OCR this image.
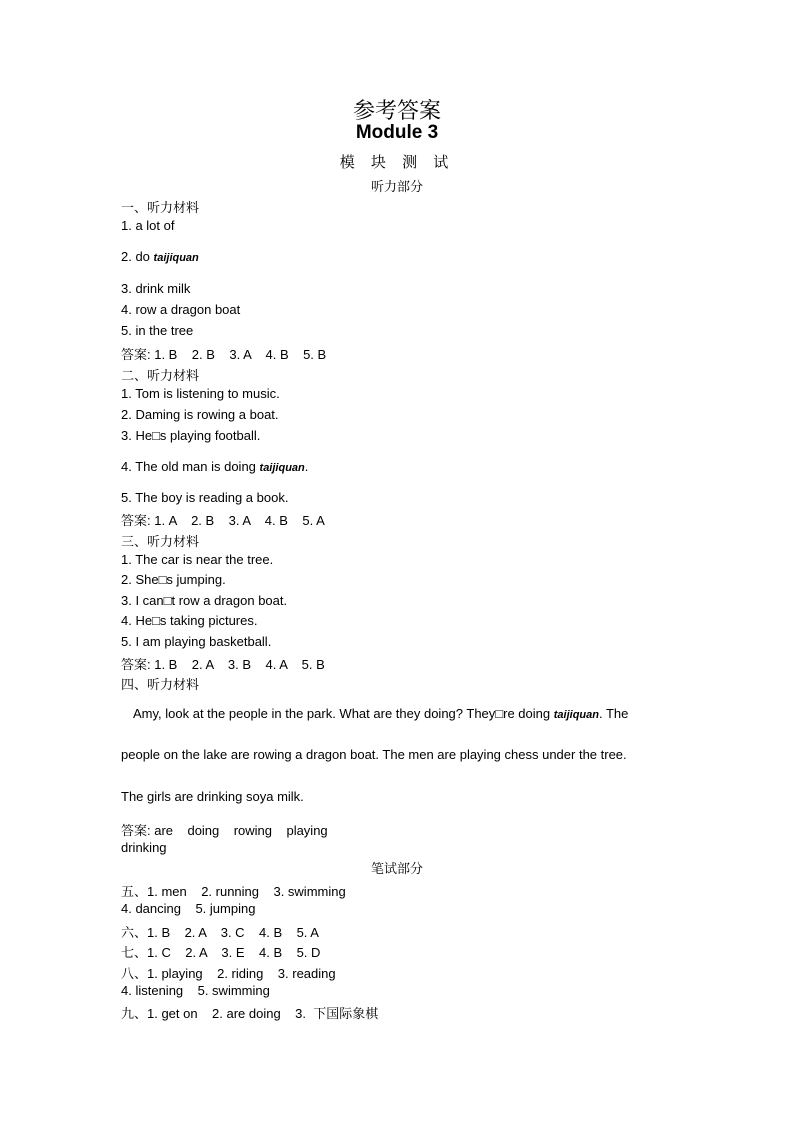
参考答案
Module 3
模 块 测 试
听力部分
一、听力材料
1. a lot of
2. do taijiquan
3. drink milk
4. row a dragon boat
5. in the tree
答案: 1. B    2. B    3. A    4. B    5. B
二、听力材料
1. Tom is listening to music.
2. Daming is rowing a boat.
3. He□s playing football.
4. The old man is doing taijiquan.
5. The boy is reading a book.
答案: 1. A    2. B    3. A    4. B    5. A
三、听力材料
1. The car is near the tree.
2. She□s jumping.
3. I can□t row a dragon boat.
4. He□s taking pictures.
5. I am playing basketball.
答案: 1. B    2. A    3. B    4. A    5. B
四、听力材料
Amy, look at the people in the park. What are they doing? They□re doing taijiquan. The
people on the lake are rowing a dragon boat. The men are playing chess under the tree.
The girls are drinking soya milk.
答案: are    doing    rowing    playing
drinking
笔试部分
五、1. men    2. running    3. swimming
4. dancing    5. jumping
六、1. B    2. A    3. C    4. B    5. A
七、1. C    2. A    3. E    4. B    5. D
八、1. playing    2. riding    3. reading
4. listening    5. swimming
九、1. get on    2. are doing    3.  下国际象棋
